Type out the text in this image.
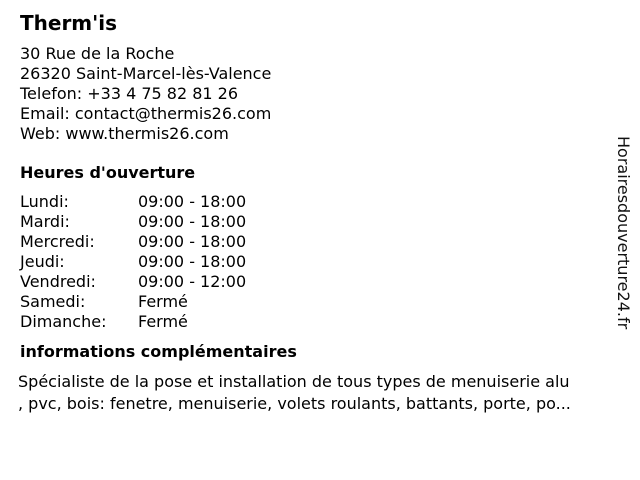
Therm'is
30 Rue de la Roche
26320 Saint-Marcel-lès-Valence
Telefon: +33 4 75 82 81 26
Email: contact@thermis26.com
Web: www.thermis26.com
Heures d'ouverture
Lundi:	09:00 - 18:00
Mardi:	09:00 - 18:00
Mercredi:	09:00 - 18:00
Jeudi:	09:00 - 18:00
Vendredi:	09:00 - 12:00
Samedi:	Fermé
Dimanche:	Fermé
informations complémentaires
Spécialiste de la pose et installation de tous types de menuiserie alu
, pvc, bois: fenetre, menuiserie, volets roulants, battants, porte, po...
Horairesdouverture24.fr
